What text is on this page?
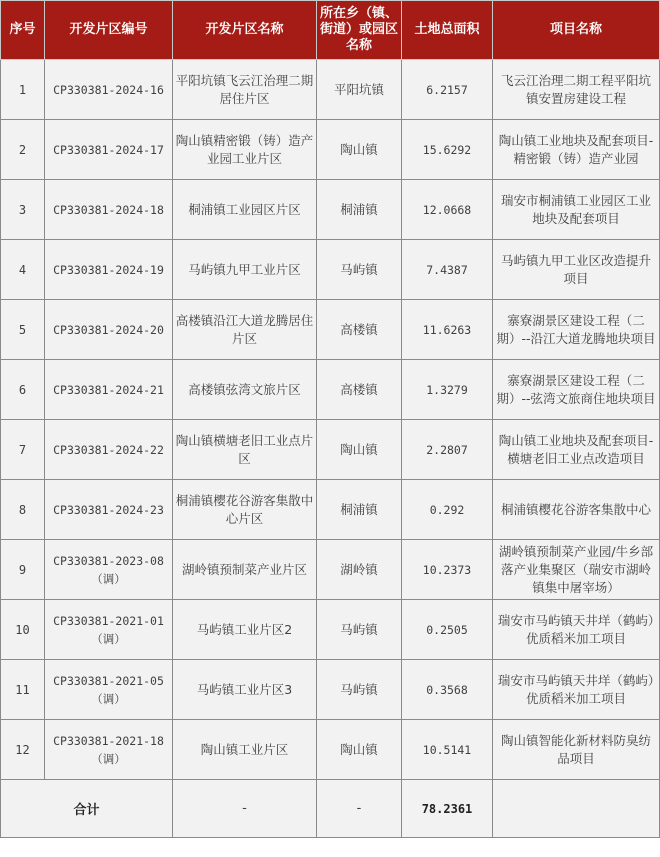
序号	开发片区编号	开发片区名称	所在乡（镇、街道）或园区名称	土地总面积	项目名称
1	CP330381-2024-16	平阳坑镇飞云江治理二期居住片区	平阳坑镇	6.2157	飞云江治理二期工程平阳坑镇安置房建设工程
2	CP330381-2024-17	陶山镇精密锻（铸）造产业园工业片区	陶山镇	15.6292	陶山镇工业地块及配套项目-精密锻（铸）造产业园
3	CP330381-2024-18	桐浦镇工业园区片区	桐浦镇	12.0668	瑞安市桐浦镇工业园区工业地块及配套项目
4	CP330381-2024-19	马屿镇九甲工业片区	马屿镇	7.4387	马屿镇九甲工业区改造提升项目
5	CP330381-2024-20	高楼镇沿江大道龙腾居住片区	高楼镇	11.6263	寨寮湖景区建设工程（二期）--沿江大道龙腾地块项目
6	CP330381-2024-21	高楼镇弦湾文旅片区	高楼镇	1.3279	寨寮湖景区建设工程（二期）--弦湾文旅商住地块项目
7	CP330381-2024-22	陶山镇横塘老旧工业点片区	陶山镇	2.2807	陶山镇工业地块及配套项目-横塘老旧工业点改造项目
8	CP330381-2024-23	桐浦镇樱花谷游客集散中心片区	桐浦镇	0.292	桐浦镇樱花谷游客集散中心
9	CP330381-2023-08（调）	湖岭镇预制菜产业片区	湖岭镇	10.2373	湖岭镇预制菜产业园/牛乡部落产业集聚区（瑞安市湖岭镇集中屠宰场）
10	CP330381-2021-01（调）	马屿镇工业片区2	马屿镇	0.2505	瑞安市马屿镇天井垟（鹤屿）优质稻米加工项目
11	CP330381-2021-05（调）	马屿镇工业片区3	马屿镇	0.3568	瑞安市马屿镇天井垟（鹤屿）优质稻米加工项目
12	CP330381-2021-18（调）	陶山镇工业片区	陶山镇	10.5141	陶山镇智能化新材料防臭纺品项目
合计		-	-	78.2361	
